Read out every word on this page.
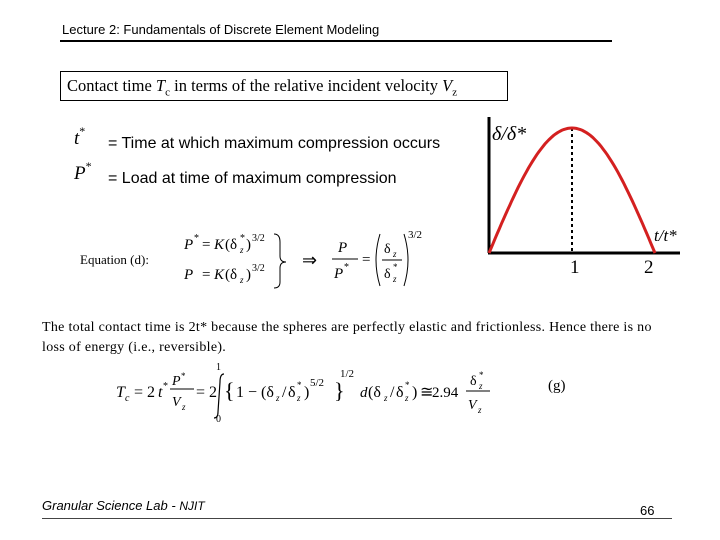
Lecture 2: Fundamentals of Discrete Element Modeling
Contact time $T_c$ in terms of the relative incident velocity $V_z$
t*
= Time at which maximum compression occurs
P*
= Load at time of maximum compression
Equation (d):
P * = K (δ z
* ) 3/2
P = K (δ z ) 3/2 ⇒
P
P * =
δ z
δ z
*
3/2
δ/δ*
t/t*
1	2
The total contact time is 2t* because the spheres are perfectly elastic and frictionless. Hence there is no loss of energy (i.e., reversible).
T c = 2 t * P *
V z
= 2
1
0
{ 1 − (δ z / δ z
* )
5/2 }
1/2
d (δ z / δ z
* ) ≅
2.94
δ z
*
V z
(g)
Granular Science Lab - NJIT	66
